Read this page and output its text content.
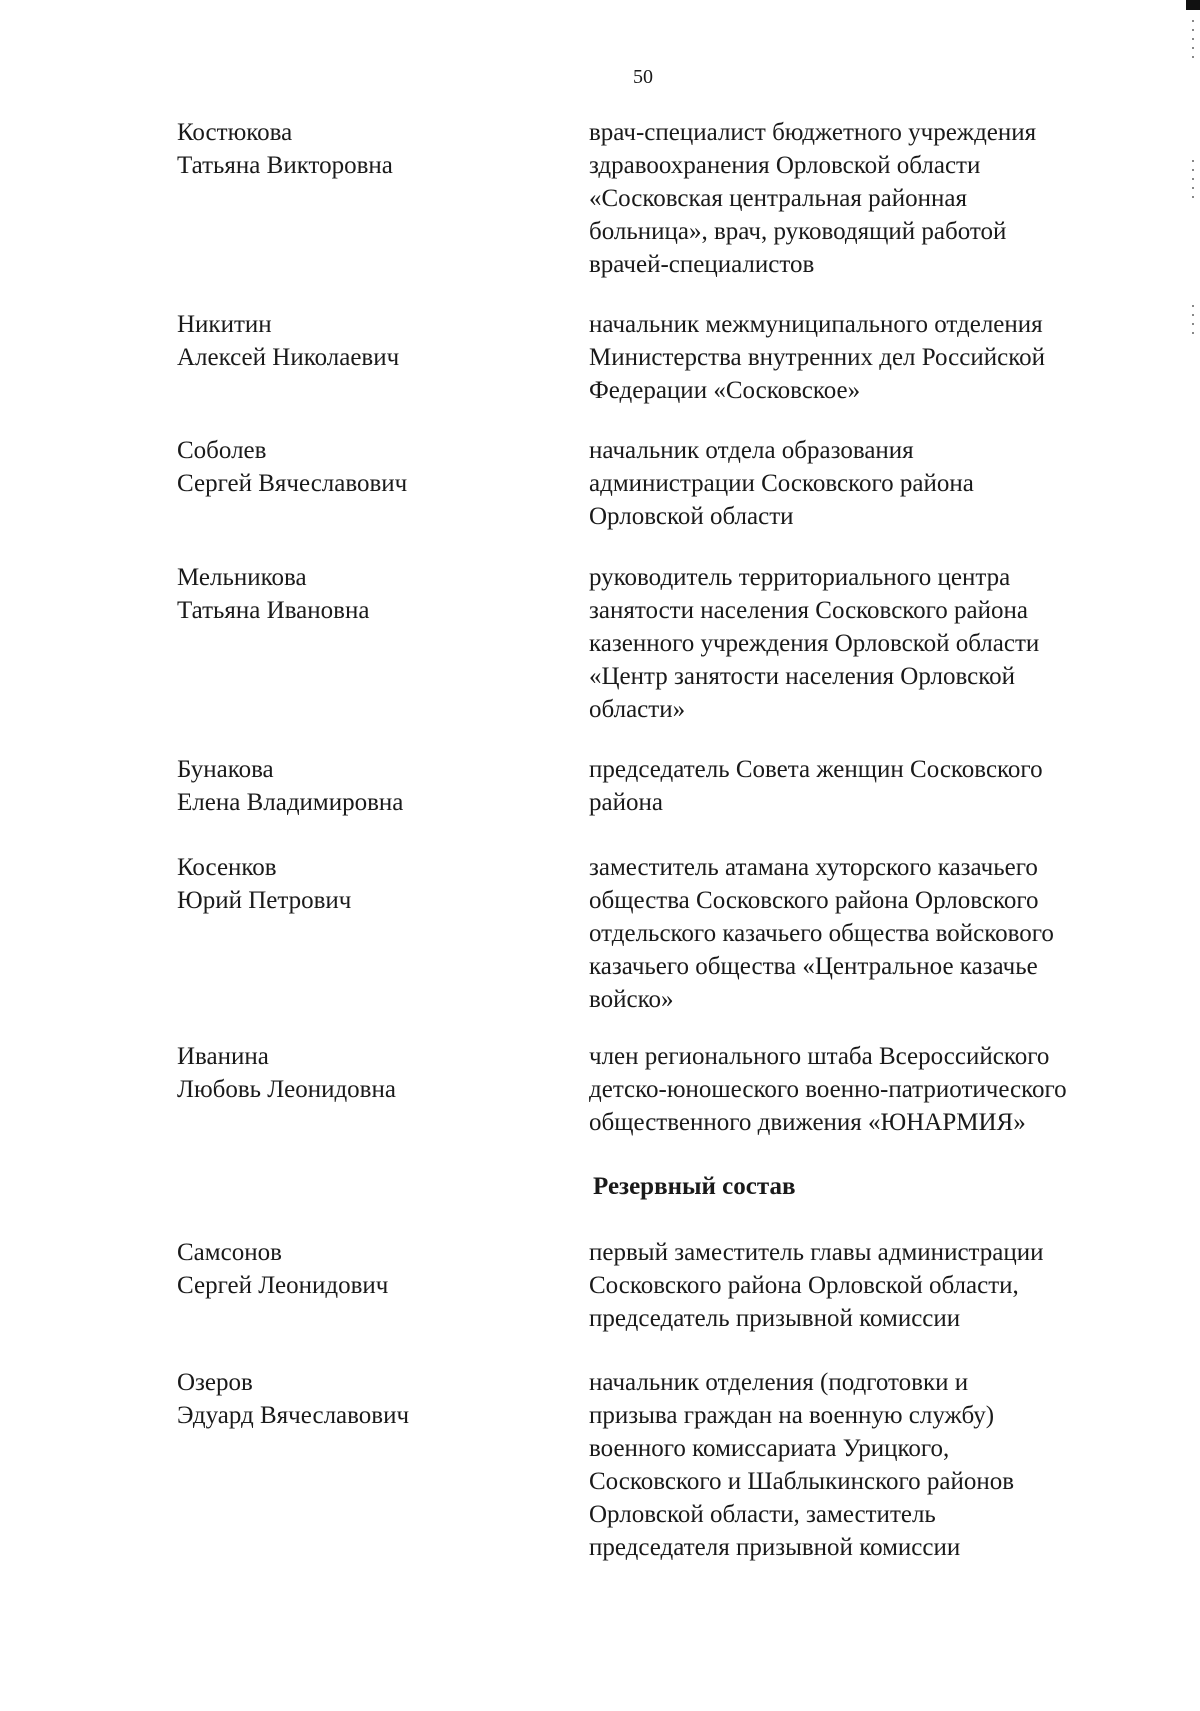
50

Костюкова
Татьяна Викторовна

врач-специалист бюджетного учреждения
здравоохранения Орловской области
«Сосковская центральная районная
больница», врач, руководящий работой
врачей-специалистов

Никитин
Алексей Николаевич

начальник межмуниципального отделения
Министерства внутренних дел Российской
Федерации «Сосковское»

Соболев
Сергей Вячеславович

начальник отдела образования
администрации Сосковского района
Орловской области

Мельникова
Татьяна Ивановна

руководитель территориального центра
занятости населения Сосковского района
казенного учреждения Орловской области
«Центр занятости населения Орловской
области»

Бунакова
Елена Владимировна

председатель Совета женщин Сосковского
района

Косенков
Юрий Петрович

заместитель атамана хуторского казачьего
общества Сосковского района Орловского
отдельского казачьего общества войскового
казачьего общества «Центральное казачье
войско»

Иванина
Любовь Леонидовна

член регионального штаба Всероссийского
детско-юношеского военно-патриотического
общественного движения «ЮНАРМИЯ»

Резервный состав

Самсонов
Сергей Леонидович

первый заместитель главы администрации
Сосковского района Орловской области,
председатель призывной комиссии

Озеров
Эдуард Вячеславович

начальник отделения (подготовки и
призыва граждан на военную службу)
военного комиссариата Урицкого,
Сосковского и Шаблыкинского районов
Орловской области, заместитель
председателя призывной комиссии
